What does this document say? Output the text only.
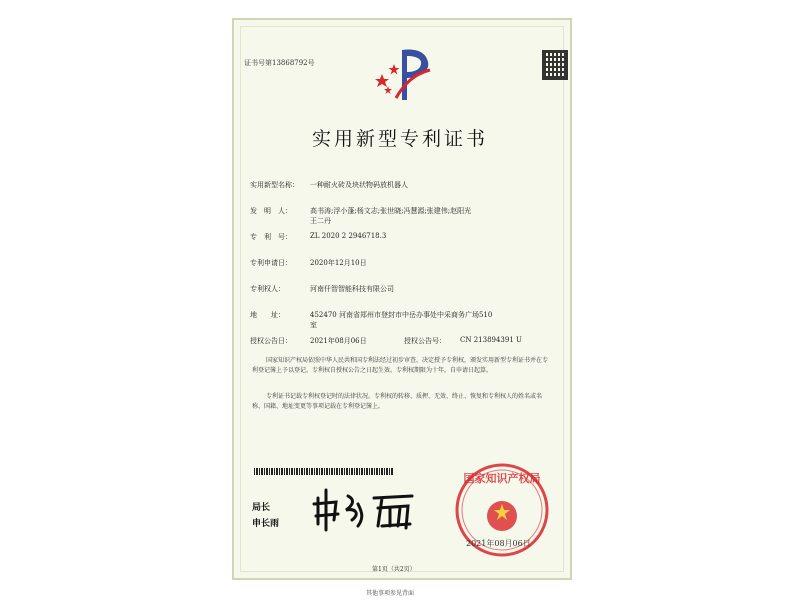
证书号第13868792号
实用新型专利证书
实用新型名称： 一种耐火砖及块状物码放机器人
发　明　人：	高书涛;浮小蓬;杨文志;张世晓;冯慧源;张建伟;赵阳光
王二丹
专　利　号：	ZL 2020 2 2946718.3
专利申请日：	2020年12月10日
专利权人：	河南仟智智能科技有限公司
地　　址：	452470 河南省郑州市登封市中岳办事处中采商务广场510
室
授权公告日：	2021年08月06日	授权公告号： CN 213894391 U
国家知识产权局依照中华人民共和国专利法经过初步审查，决定授予专利权，颁发实用新型专利证书并在专利登记簿上予以登记。专利权自授权公告之日起生效。专利权期限为十年，自申请日起算。
专利证书记载专利权登记时的法律状况。专利权的转移、质押、无效、终止、恢复和专利权人的姓名或名称、国籍、地址变更等事项记载在专利登记簿上。
局长
申长雨
国家知识产权局
2021年08月06日
第1页（共2页）
其他事项参见背面
